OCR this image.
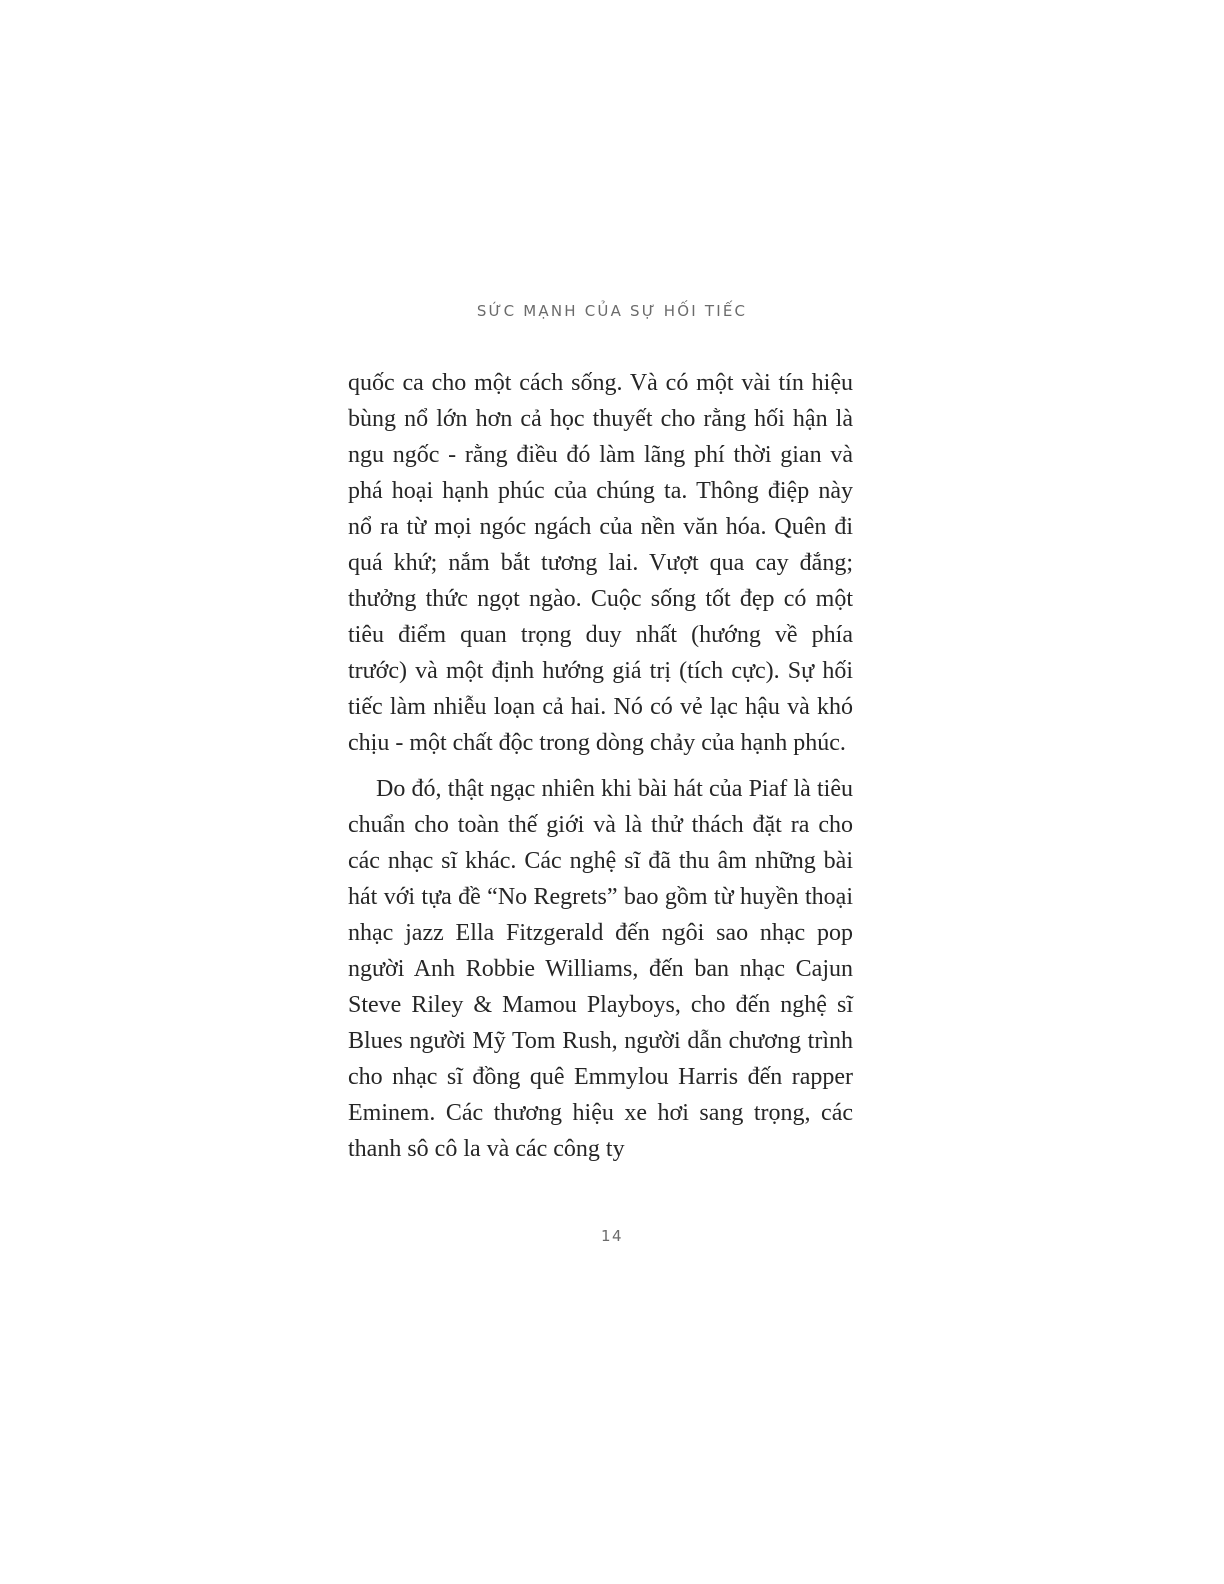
SỨC MẠNH CỦA SỰ HỐI TIẾC

quốc ca cho một cách sống. Và có một vài tín hiệu bùng nổ lớn hơn cả học thuyết cho rằng hối hận là ngu ngốc - rằng điều đó làm lãng phí thời gian và phá hoại hạnh phúc của chúng ta. Thông điệp này nổ ra từ mọi ngóc ngách của nền văn hóa. Quên đi quá khứ; nắm bắt tương lai. Vượt qua cay đắng; thưởng thức ngọt ngào. Cuộc sống tốt đẹp có một tiêu điểm quan trọng duy nhất (hướng về phía trước) và một định hướng giá trị (tích cực). Sự hối tiếc làm nhiễu loạn cả hai. Nó có vẻ lạc hậu và khó chịu - một chất độc trong dòng chảy của hạnh phúc.

Do đó, thật ngạc nhiên khi bài hát của Piaf là tiêu chuẩn cho toàn thế giới và là thử thách đặt ra cho các nhạc sĩ khác. Các nghệ sĩ đã thu âm những bài hát với tựa đề “No Regrets” bao gồm từ huyền thoại nhạc jazz Ella Fitzgerald đến ngôi sao nhạc pop người Anh Robbie Williams, đến ban nhạc Cajun Steve Riley & Mamou Playboys, cho đến nghệ sĩ Blues người Mỹ Tom Rush, người dẫn chương trình cho nhạc sĩ đồng quê Emmylou Harris đến rapper Eminem. Các thương hiệu xe hơi sang trọng, các thanh sô cô la và các công ty

14
